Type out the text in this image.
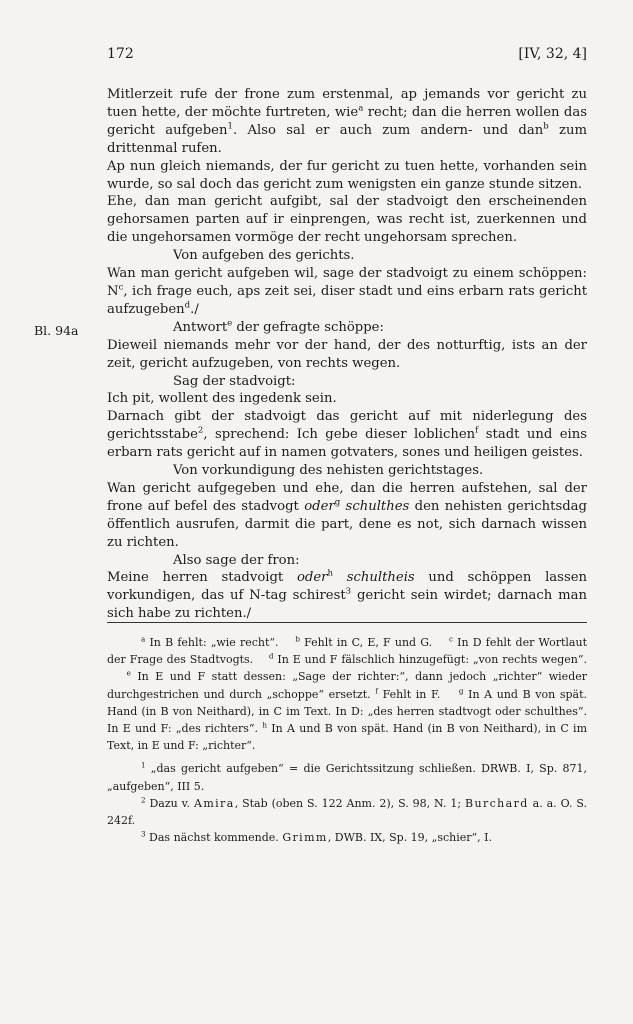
172	[IV, 32, 4]
Bl. 94a

Mitlerzeit rufe der frone zum erstenmal, ap jemands vor gericht zu tuen hette, der möchte furtreten, wie$^a$ recht; dan die herren wollen das gericht aufgeben$^1$. Also sal er auch zum andern- und dan$^b$ zum drittenmal rufen.

Ap nun gleich niemands, der fur gericht zu tuen hette, vorhanden sein wurde, so sal doch das gericht zum wenigsten ein ganze stunde sitzen.

Ehe, dan man gericht aufgibt, sal der stadvoigt den erscheinenden gehorsamen parten auf ir einprengen, was recht ist, zuerkennen und die ungehorsamen vormöge der recht ungehorsam sprechen.

Von aufgeben des gerichts.

Wan man gericht aufgeben wil, sage der stadvoigt zu einem schöppen: $N^c$, ich frage euch, aps zeit sei, diser stadt und eins erbarn rats gericht aufzugeben$^d$./

Antwort$^e$ der gefragte schöppe:

Dieweil niemands mehr vor der hand, der des notturftig, ists an der zeit, gericht aufzugeben, von rechts wegen.

Sag der stadvoigt:

Ich pit, wollent des ingedenk sein.

Darnach gibt der stadvoigt das gericht auf mit niderlegung des gerichtsstabe$^2$, sprechend: Ich gebe dieser loblichen$^f$ stadt und eins erbarn rats gericht auf in namen gotvaters, sones und heiligen geistes.

Von vorkundigung des nehisten gerichtstages.

Wan gericht aufgegeben und ehe, dan die herren aufstehen, sal der frone auf befel des stadvogt oder$^g$ schulthes den nehisten gerichtsdag öffentlich ausrufen, darmit die part, dene es not, sich darnach wissen zu richten.

Also sage der fron:

Meine herren stadvoigt oder$^h$ schultheis und schöppen lassen vorkundigen, das uf N-tag schirest$^3$ gericht sein wirdet; darnach man sich habe zu richten./

$^a$ In B fehlt: „wie recht“. $^b$ Fehlt in C, E, F und G. $^c$ In D fehlt der Wortlaut der Frage des Stadtvogts. $^d$ In E und F fälschlich hinzugefügt: „von rechts wegen“.    $^e$ In E und F statt dessen: „Sage der richter:“, dann jedoch „richter“ wieder durchgestrichen und durch „schoppe“ ersetzt. $^f$ Fehlt in F.	$^g$ In A und B von spät. Hand (in B von Neithard), in C im Text. In D: „des herren stadtvogt oder schulthes“. In E und F: „des richters“. $^h$ In A und B von spät. Hand (in B von Neithard), in C im Text, in E und F: „richter“.

$^1$ „das gericht aufgeben“ = die Gerichtssitzung schließen. DRWB. I, Sp. 871, „aufgeben“, III 5.

$^2$ Dazu v. Amira, Stab (oben S. 122 Anm. 2), S. 98, N. 1; Burchard a. a. O. S. 242f.

$^3$ Das nächst kommende. Grimm, DWB. IX, Sp. 19, „schier“, I.
